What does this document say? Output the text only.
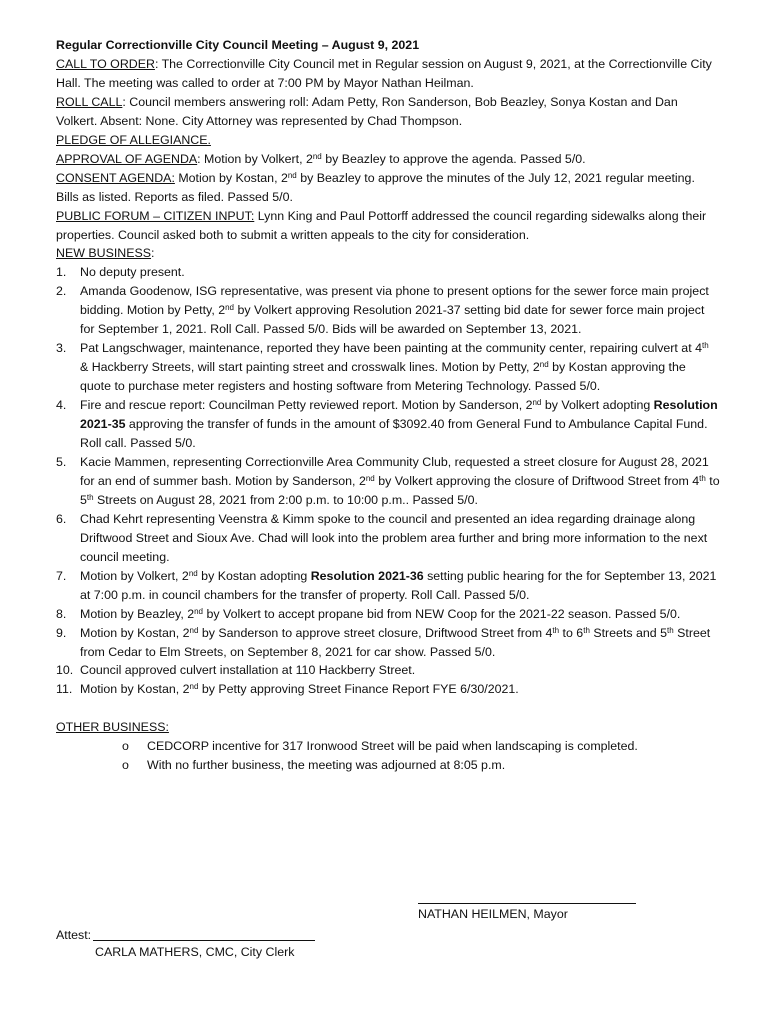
Regular Correctionville City Council Meeting – August 9, 2021
CALL TO ORDER: The Correctionville City Council met in Regular session on August 9, 2021, at the Correctionville City Hall. The meeting was called to order at 7:00 PM by Mayor Nathan Heilman.
ROLL CALL: Council members answering roll: Adam Petty, Ron Sanderson, Bob Beazley, Sonya Kostan and Dan Volkert. Absent: None. City Attorney was represented by Chad Thompson.
PLEDGE OF ALLEGIANCE.
APPROVAL OF AGENDA: Motion by Volkert, 2nd by Beazley to approve the agenda. Passed 5/0.
CONSENT AGENDA: Motion by Kostan, 2nd by Beazley to approve the minutes of the July 12, 2021 regular meeting. Bills as listed. Reports as filed. Passed 5/0.
PUBLIC FORUM – CITIZEN INPUT: Lynn King and Paul Pottorff addressed the council regarding sidewalks along their properties. Council asked both to submit a written appeals to the city for consideration.
NEW BUSINESS:
1. No deputy present.
2. Amanda Goodenow, ISG representative, was present via phone to present options for the sewer force main project bidding. Motion by Petty, 2nd by Volkert approving Resolution 2021-37 setting bid date for sewer force main project for September 1, 2021. Roll Call. Passed 5/0. Bids will be awarded on September 13, 2021.
3. Pat Langschwager, maintenance, reported they have been painting at the community center, repairing culvert at 4th & Hackberry Streets, will start painting street and crosswalk lines. Motion by Petty, 2nd by Kostan approving the quote to purchase meter registers and hosting software from Metering Technology. Passed 5/0.
4. Fire and rescue report: Councilman Petty reviewed report. Motion by Sanderson, 2nd by Volkert adopting Resolution 2021-35 approving the transfer of funds in the amount of $3092.40 from General Fund to Ambulance Capital Fund. Roll call. Passed 5/0.
5. Kacie Mammen, representing Correctionville Area Community Club, requested a street closure for August 28, 2021 for an end of summer bash. Motion by Sanderson, 2nd by Volkert approving the closure of Driftwood Street from 4th to 5th Streets on August 28, 2021 from 2:00 p.m. to 10:00 p.m.. Passed 5/0.
6. Chad Kehrt representing Veenstra & Kimm spoke to the council and presented an idea regarding drainage along Driftwood Street and Sioux Ave. Chad will look into the problem area further and bring more information to the next council meeting.
7. Motion by Volkert, 2nd by Kostan adopting Resolution 2021-36 setting public hearing for the for September 13, 2021 at 7:00 p.m. in council chambers for the transfer of property. Roll Call. Passed 5/0.
8. Motion by Beazley, 2nd by Volkert to accept propane bid from NEW Coop for the 2021-22 season. Passed 5/0.
9. Motion by Kostan, 2nd by Sanderson to approve street closure, Driftwood Street from 4th to 6th Streets and 5th Street from Cedar to Elm Streets, on September 8, 2021 for car show. Passed 5/0.
10. Council approved culvert installation at 110 Hackberry Street.
11. Motion by Kostan, 2nd by Petty approving Street Finance Report FYE 6/30/2021.
OTHER BUSINESS:
o CEDCORP incentive for 317 Ironwood Street will be paid when landscaping is completed.
o With no further business, the meeting was adjourned at 8:05 p.m.
NATHAN HEILMEN, Mayor
Attest:
CARLA MATHERS, CMC, City Clerk
